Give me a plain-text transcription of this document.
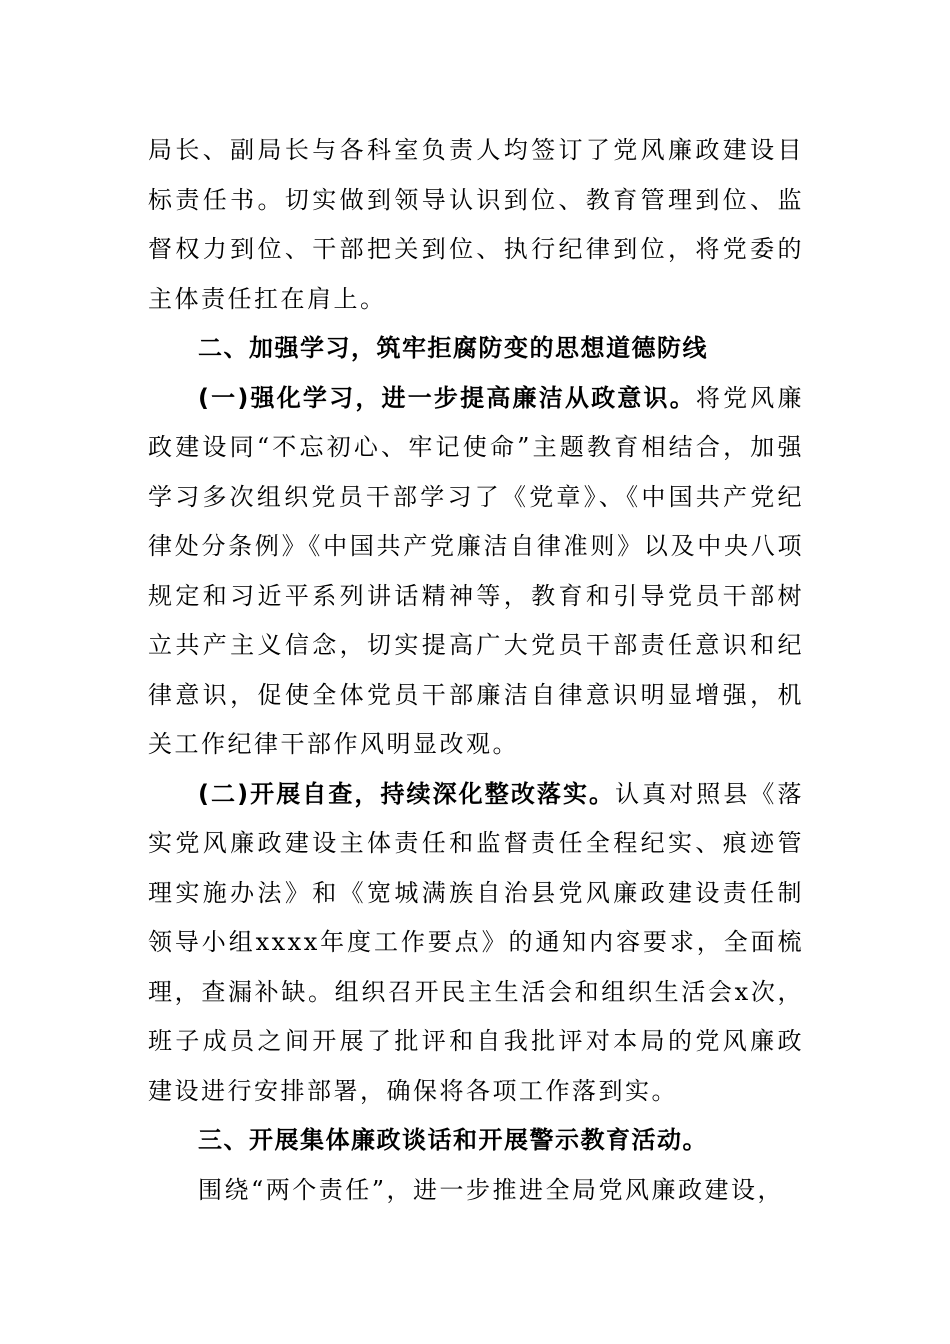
局长、副局长与各科室负责人均签订了党风廉政建设目标责任书。切实做到领导认识到位、教育管理到位、监督权力到位、干部把关到位、执行纪律到位，将党委的主体责任扛在肩上。

二、加强学习，筑牢拒腐防变的思想道德防线

(一)强化学习，进一步提高廉洁从政意识。将党风廉政建设同“不忘初心、牢记使命”主题教育相结合，加强学习多次组织党员干部学习了《党章》、《中国共产党纪律处分条例》《中国共产党廉洁自律准则》以及中央八项规定和习近平系列讲话精神等，教育和引导党员干部树立共产主义信念，切实提高广大党员干部责任意识和纪律意识，促使全体党员干部廉洁自律意识明显增强，机关工作纪律干部作风明显改观。

(二)开展自查，持续深化整改落实。认真对照县《落实党风廉政建设主体责任和监督责任全程纪实、痕迹管理实施办法》和《宽城满族自治县党风廉政建设责任制领导小组xxxx年度工作要点》的通知内容要求，全面梳理，查漏补缺。组织召开民主生活会和组织生活会x次，班子成员之间开展了批评和自我批评对本局的党风廉政建设进行安排部署，确保将各项工作落到实。

三、开展集体廉政谈话和开展警示教育活动。

围绕“两个责任”，进一步推进全局党风廉政建设，
